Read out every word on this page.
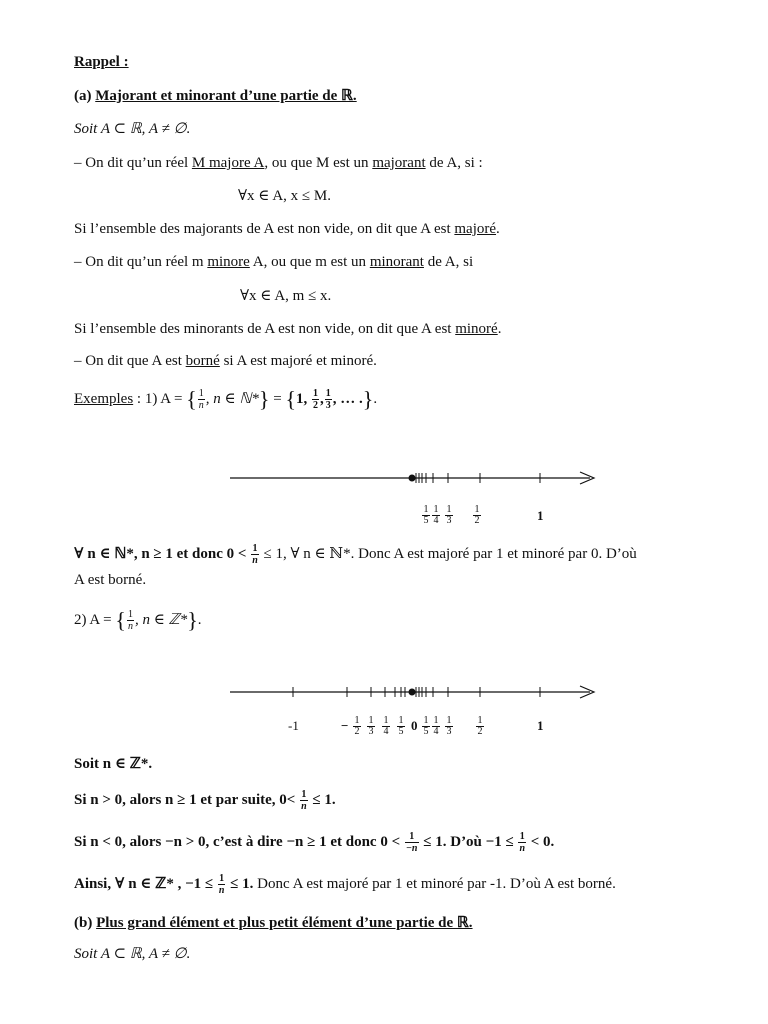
Rappel :
(a) Majorant et minorant d’une partie de ℝ.
Soit A ⊂ ℝ, A ≠ ∅.
– On dit qu’un réel M majore A, ou que M est un majorant de A, si :
∀x ∈ A, x ≤ M.
Si l’ensemble des majorants de A est non vide, on dit que A est majoré.
– On dit qu’un réel m minore A, ou que m est un minorant de A, si
∀x ∈ A, m ≤ x.
Si l’ensemble des minorants de A est non vide, on dit que A est minoré.
– On dit que A est borné si A est majoré et minoré.
Exemples : 1) A = { $\frac{1}{n}$ , n ∈ ℕ*} = {1, $\frac{1}{2}$ , $\frac{1}{3}$ , … .}.
1
5
1
4
1
3
1
2	1
∀ n ∈ ℕ*, n ≥ 1 et donc $0 < \frac{1}{n} \le 1$, ∀ n ∈ ℕ*. Donc A est majoré par 1 et minoré par 0. D’où
A est borné.
2) A = { $\frac{1}{n}$ , n ∈ ℤ*}.
-1	− 1
2
1
3
1
4
1
5 0 1
5
1
4
1
3
1
2	1
Soit n ∈ ℤ*.
Si n > 0, alors n ≥ 1 et par suite, $0< \frac{1}{n} \le 1$.
Si n < 0, alors −n > 0, c’est à dire −n ≥ 1 et donc $0 < \frac{1}{-n} \le 1$. D’où $-1 \le \frac{1}{n} < 0$.
Ainsi, ∀ n ∈ ℤ* , $-1 \le \frac{1}{n} \le 1$. Donc A est majoré par 1 et minoré par -1. D’où A est borné.
(b) Plus grand élément et plus petit élément d’une partie de ℝ.
Soit A ⊂ ℝ, A ≠ ∅.
